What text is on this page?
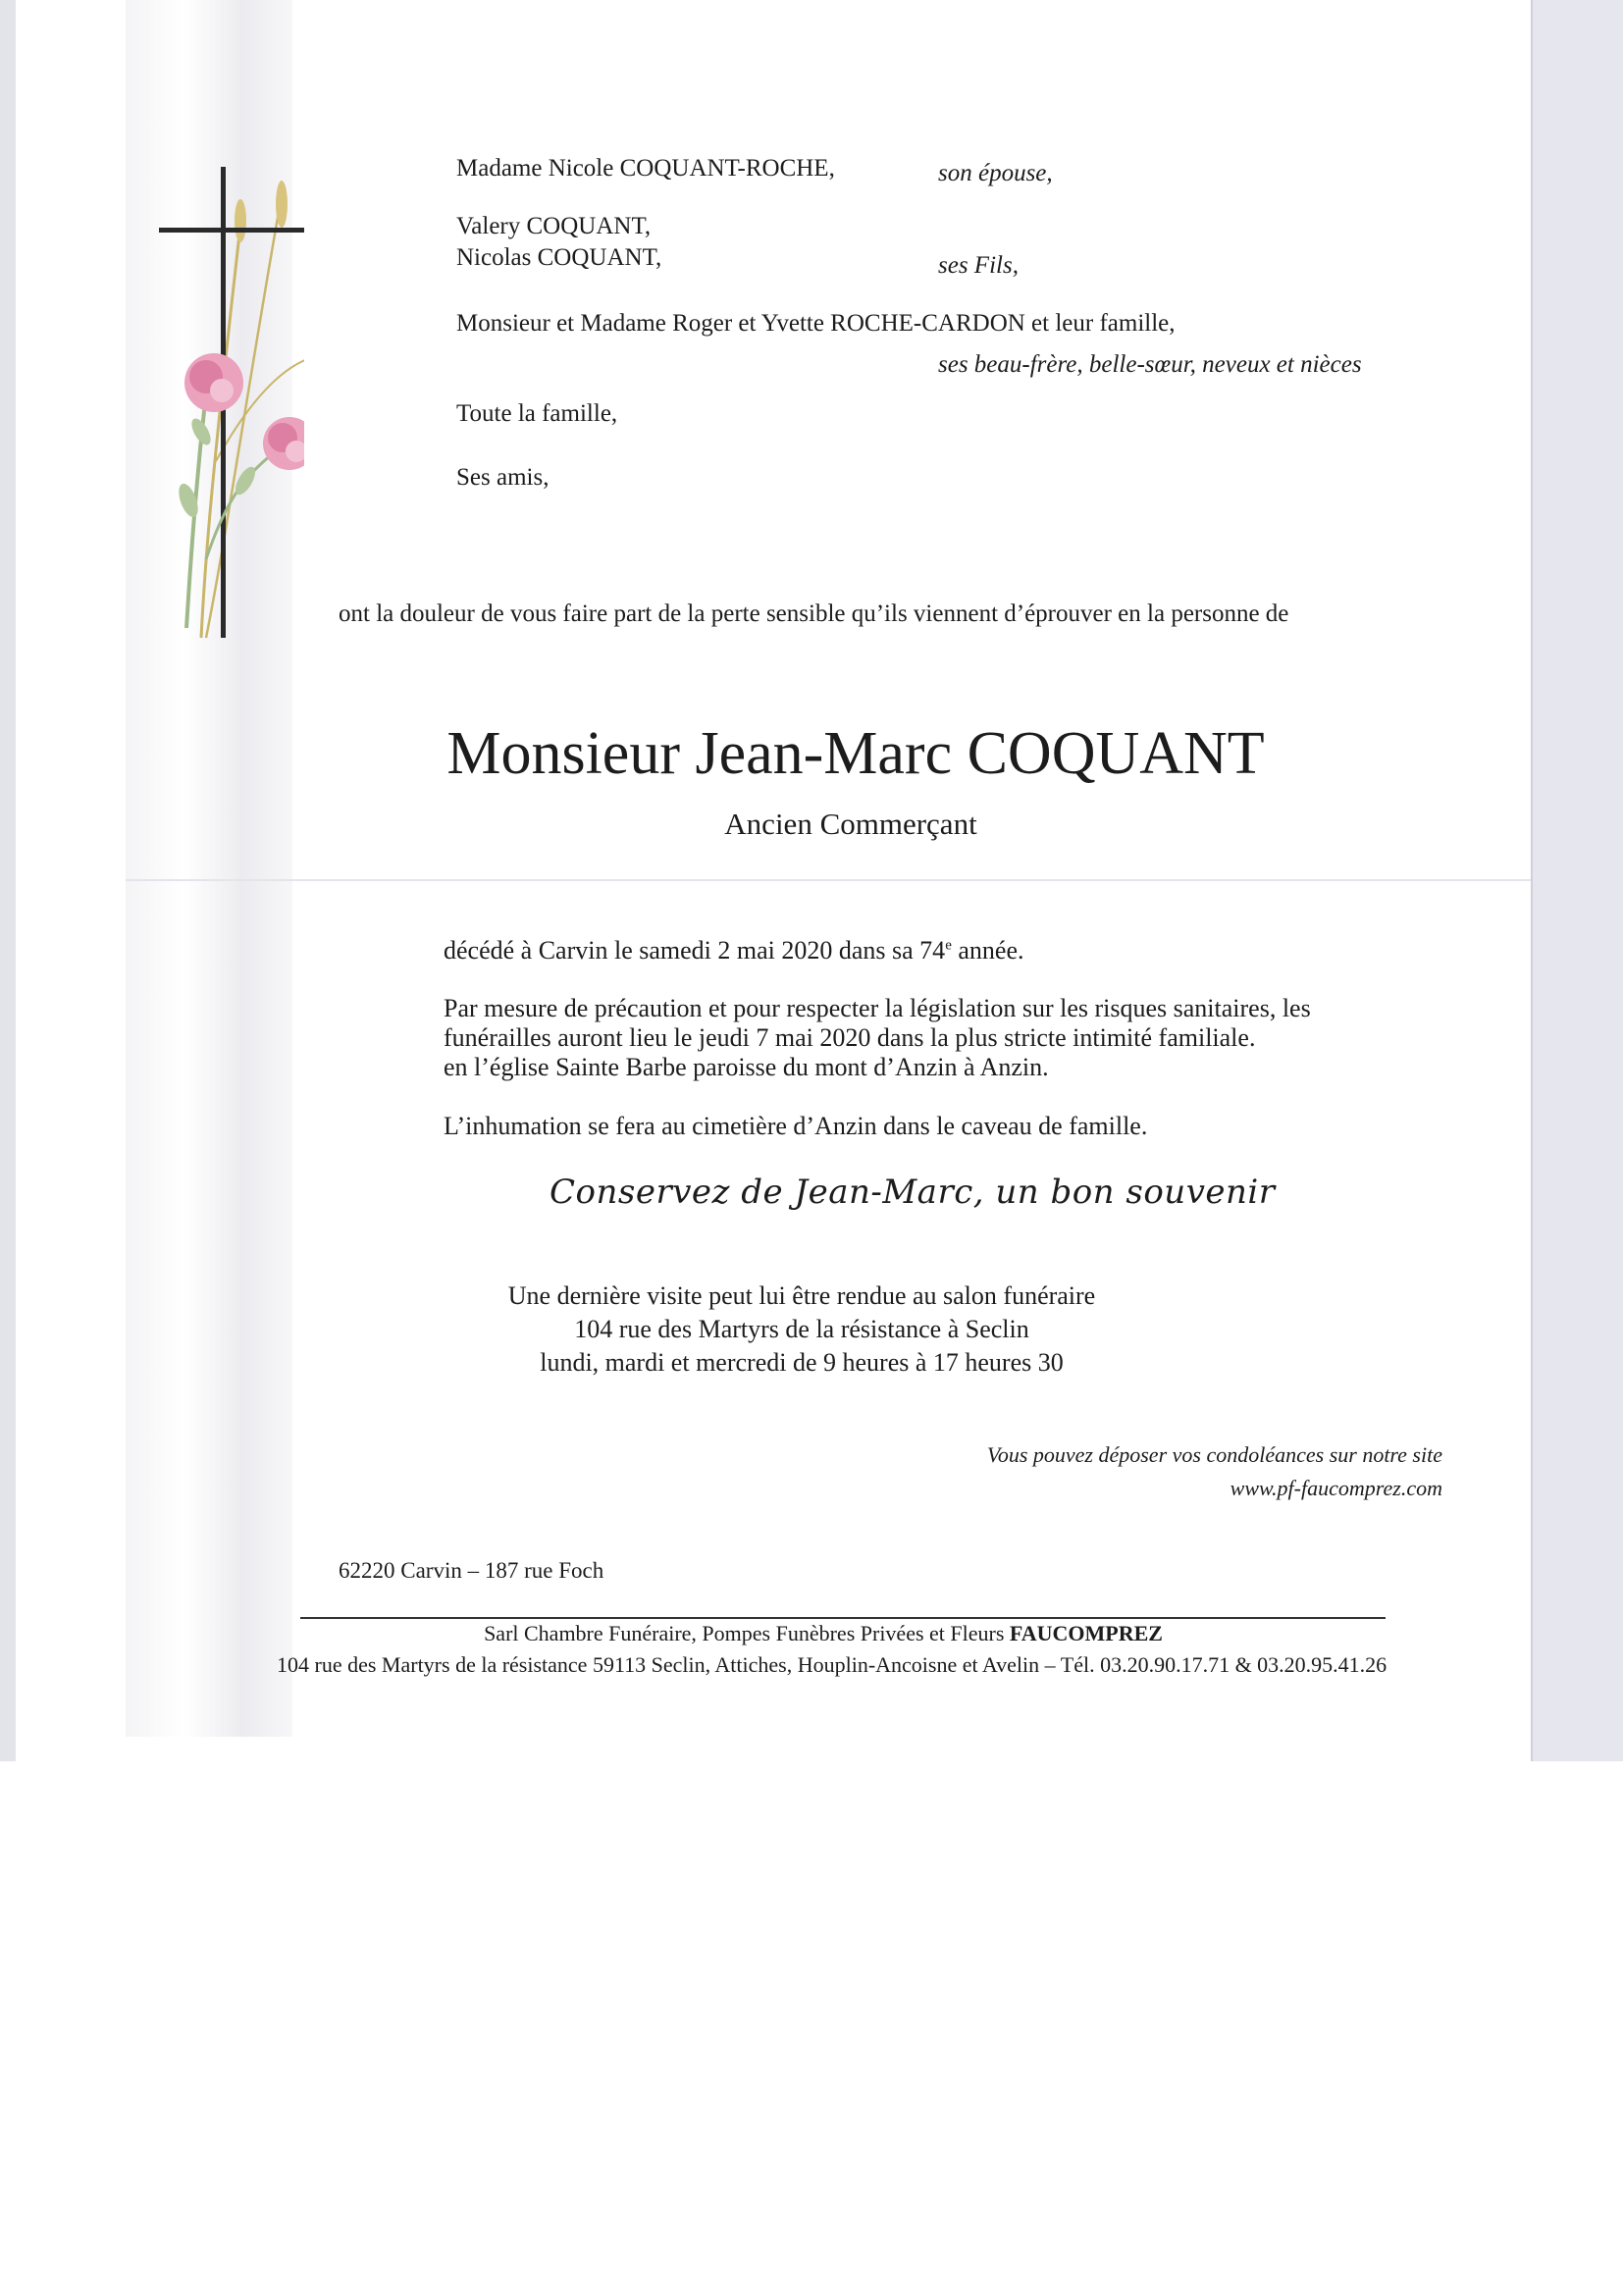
Madame Nicole COQUANT-ROCHE,	son épouse,
Valery COQUANT,
Nicolas COQUANT,	ses Fils,
Monsieur et Madame Roger et Yvette ROCHE-CARDON et leur famille,
ses beau-frère, belle-sœur, neveux et nièces
Toute la famille,
Ses amis,
ont la douleur de vous faire part de la perte sensible qu’ils viennent d’éprouver en la personne de
Monsieur Jean-Marc COQUANT
Ancien Commerçant
décédé à Carvin le samedi 2 mai 2020 dans sa 74e année.
Par mesure de précaution et pour respecter la législation sur les risques sanitaires, les
funérailles auront lieu le jeudi 7 mai 2020 dans la plus stricte intimité familiale.
en l’église Sainte Barbe paroisse du mont d’Anzin à Anzin.
L’inhumation se fera au cimetière d’Anzin dans le caveau de famille.
Conservez de Jean-Marc, un bon souvenir
Une dernière visite peut lui être rendue au salon funéraire
104 rue des Martyrs de la résistance à Seclin
lundi, mardi et mercredi de 9 heures à 17 heures 30
Vous pouvez déposer vos condoléances sur notre site
www.pf-faucomprez.com
62220 Carvin – 187 rue Foch
Sarl Chambre Funéraire, Pompes Funèbres Privées et Fleurs FAUCOMPREZ
104 rue des Martyrs de la résistance 59113 Seclin, Attiches, Houplin-Ancoisne et Avelin – Tél. 03.20.90.17.71 & 03.20.95.41.26
